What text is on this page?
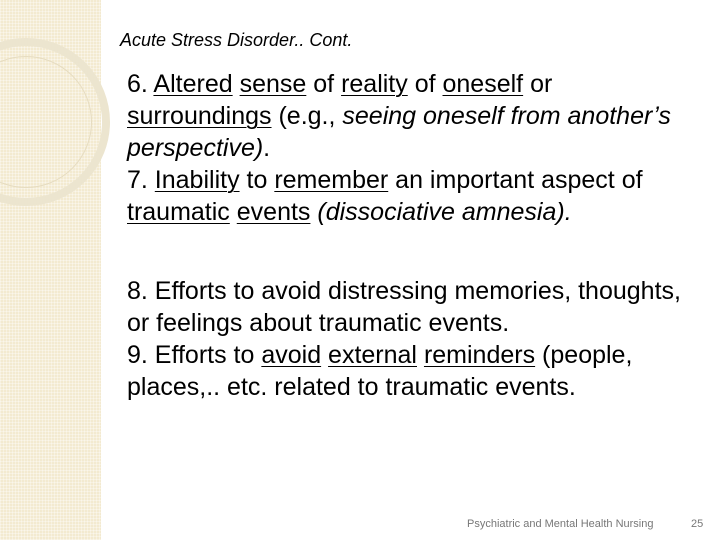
Acute Stress Disorder.. Cont.

6. Altered sense of reality of oneself or surroundings (e.g., seeing oneself from another’s perspective).

7. Inability to remember an important aspect of traumatic events (dissociative amnesia).

8. Efforts to avoid distressing memories, thoughts, or feelings about traumatic events.

9. Efforts to avoid external reminders (people, places,.. etc. related to traumatic events.

Psychiatric and Mental Health Nursing	25
